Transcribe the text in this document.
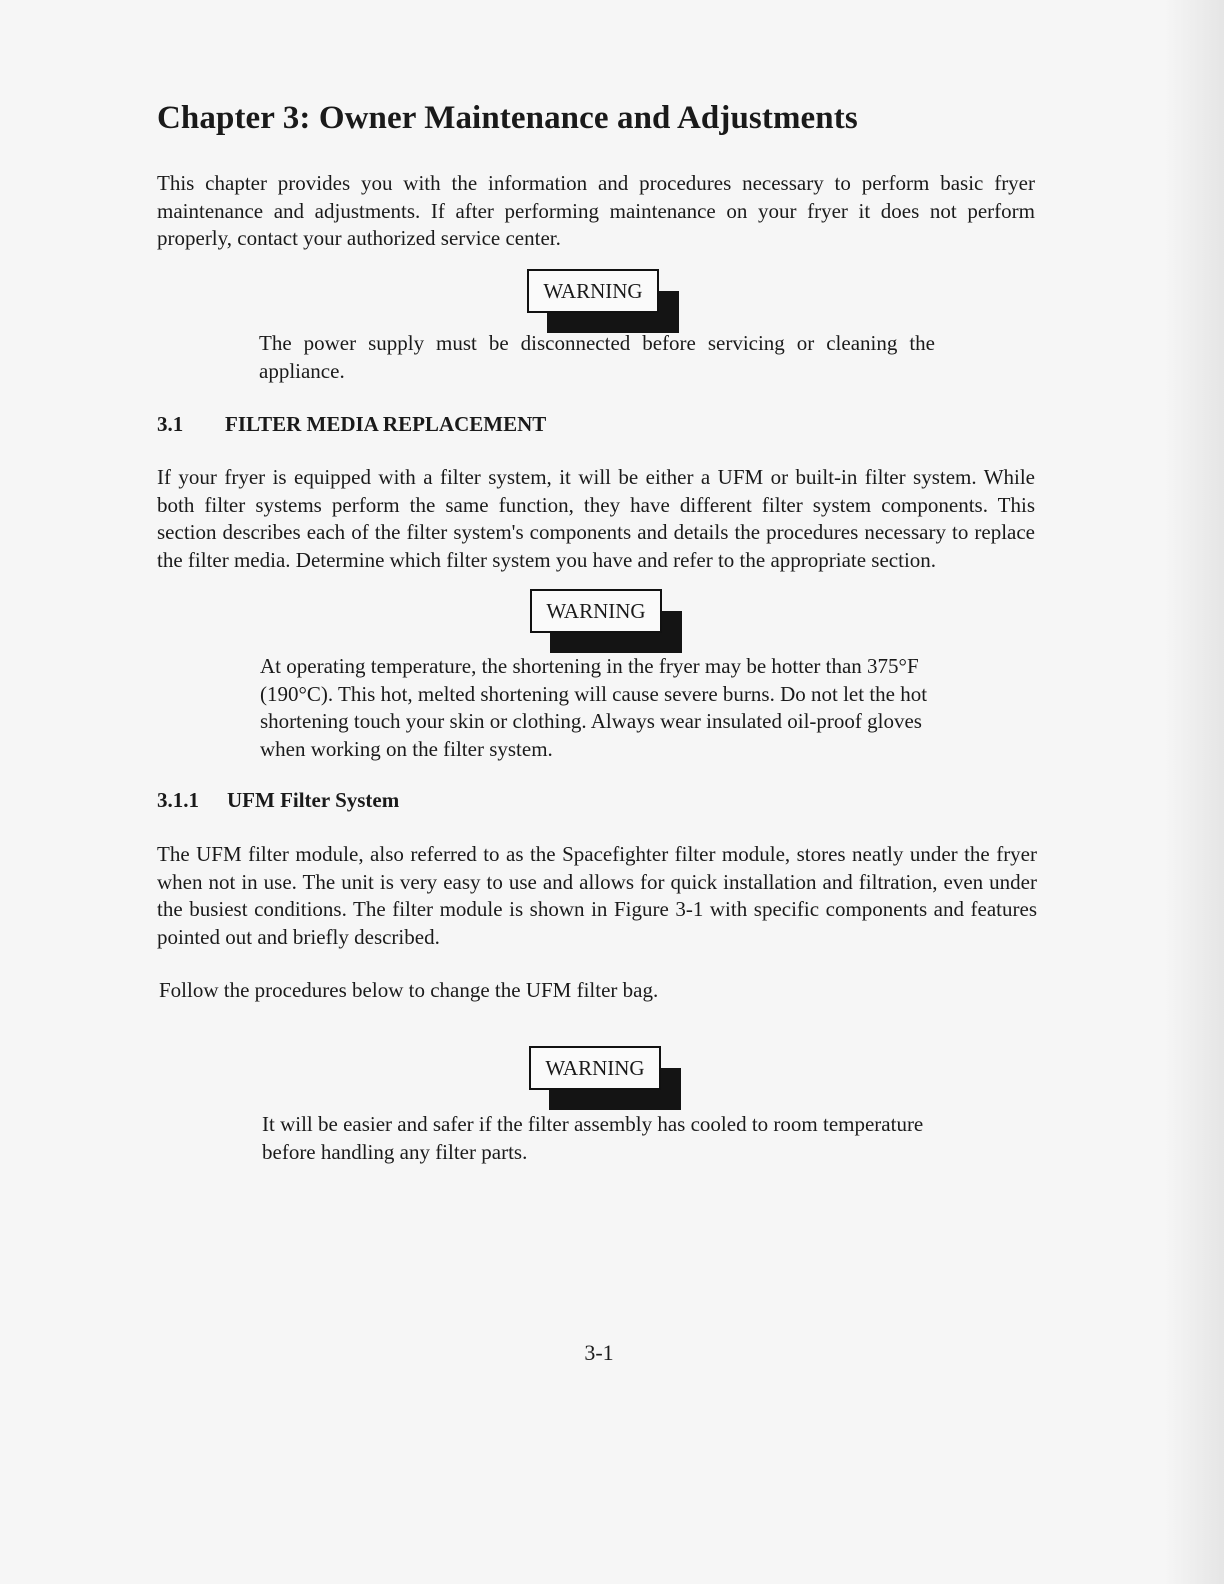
Chapter 3: Owner Maintenance and Adjustments

This chapter provides you with the information and procedures necessary to perform basic fryer maintenance and adjustments. If after performing maintenance on your fryer it does not perform properly, contact your authorized service center.

WARNING

The power supply must be disconnected before servicing or cleaning the appliance.

3.1 FILTER MEDIA REPLACEMENT

If your fryer is equipped with a filter system, it will be either a UFM or built-in filter system. While both filter systems perform the same function, they have different filter system components. This section describes each of the filter system's components and details the procedures necessary to replace the filter media. Determine which filter system you have and refer to the appropriate section.

WARNING

At operating temperature, the shortening in the fryer may be hotter than 375°F (190°C). This hot, melted shortening will cause severe burns. Do not let the hot shortening touch your skin or clothing. Always wear insulated oil-proof gloves when working on the filter system.

3.1.1 UFM Filter System

The UFM filter module, also referred to as the Spacefighter filter module, stores neatly under the fryer when not in use. The unit is very easy to use and allows for quick installation and filtration, even under the busiest conditions. The filter module is shown in Figure 3-1 with specific components and features pointed out and briefly described.

Follow the procedures below to change the UFM filter bag.

WARNING

It will be easier and safer if the filter assembly has cooled to room temperature before handling any filter parts.

3-1
